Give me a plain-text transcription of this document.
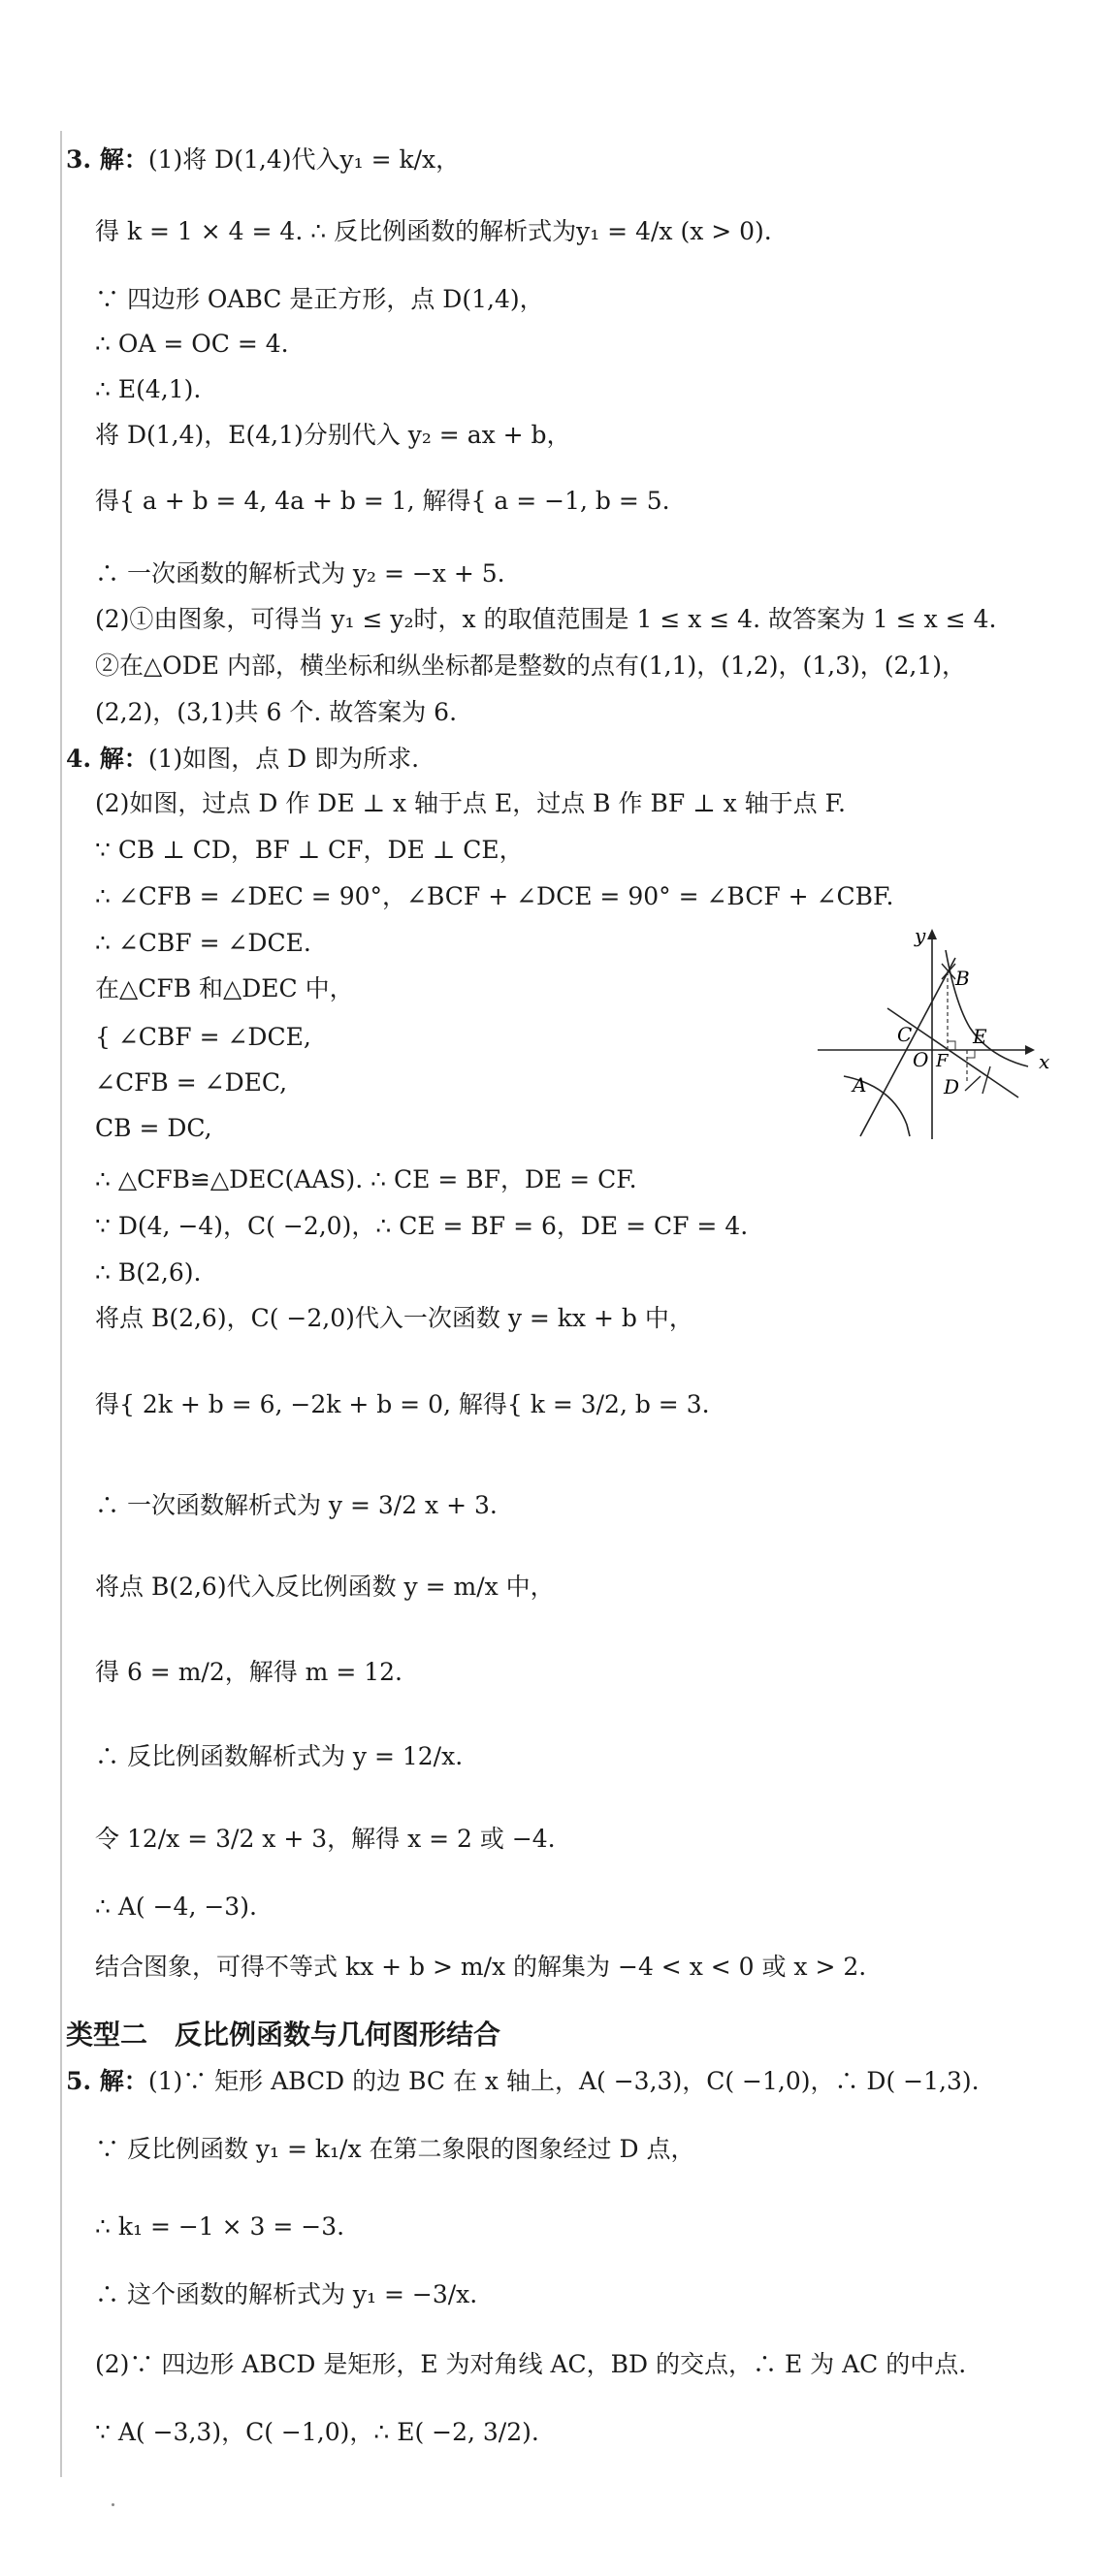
3. 解：(1)将 D(1,4)代入y₁ = k/x，
得 k = 1 × 4 = 4. ∴ 反比例函数的解析式为y₁ = 4/x (x > 0).
∵ 四边形 OABC 是正方形，点 D(1,4)，
∴ OA = OC = 4.
∴ E(4,1).
将 D(1,4)，E(4,1)分别代入 y₂ = ax + b，
得{ a + b = 4, 4a + b = 1, 解得{ a = −1, b = 5.
∴ 一次函数的解析式为 y₂ = −x + 5.
(2)①由图象，可得当 y₁ ≤ y₂时，x 的取值范围是 1 ≤ x ≤ 4. 故答案为 1 ≤ x ≤ 4.
②在△ODE 内部，横坐标和纵坐标都是整数的点有(1,1)，(1,2)，(1,3)，(2,1)，
(2,2)，(3,1)共 6 个. 故答案为 6.
4. 解：(1)如图，点 D 即为所求.
(2)如图，过点 D 作 DE ⊥ x 轴于点 E，过点 B 作 BF ⊥ x 轴于点 F.
∵ CB ⊥ CD，BF ⊥ CF，DE ⊥ CE，
∴ ∠CFB = ∠DEC = 90°，∠BCF + ∠DCE = 90° = ∠BCF + ∠CBF.
∴ ∠CBF = ∠DCE.
在△CFB 和△DEC 中，
{ ∠CBF = ∠DCE,
∠CFB = ∠DEC,
CB = DC,
∴ △CFB≌△DEC(AAS). ∴ CE = BF，DE = CF.
∵ D(4, −4)，C( −2,0)，∴ CE = BF = 6，DE = CF = 4.
∴ B(2,6).
将点 B(2,6)，C( −2,0)代入一次函数 y = kx + b 中，
得{ 2k + b = 6, −2k + b = 0, 解得{ k = 3/2, b = 3.
∴ 一次函数解析式为 y = 3/2 x + 3.
将点 B(2,6)代入反比例函数 y = m/x 中，
得 6 = m/2，解得 m = 12.
∴ 反比例函数解析式为 y = 12/x.
令 12/x = 3/2 x + 3，解得 x = 2 或 −4.
∴ A( −4, −3).
结合图象，可得不等式 kx + b > m/x 的解集为 −4 < x < 0 或 x > 2.
类型二　反比例函数与几何图形结合
5. 解：(1)∵ 矩形 ABCD 的边 BC 在 x 轴上，A( −3,3)，C( −1,0)，∴ D( −1,3).
∵ 反比例函数 y₁ = k₁/x 在第二象限的图象经过 D 点，
∴ k₁ = −1 × 3 = −3.
∴ 这个函数的解析式为 y₁ = −3/x.
(2)∵ 四边形 ABCD 是矩形，E 为对角线 AC，BD 的交点，∴ E 为 AC 的中点.
∵ A( −3,3)，C( −1,0)，∴ E( −2, 3/2).
y
x
B
C	E
F
O
A	D
